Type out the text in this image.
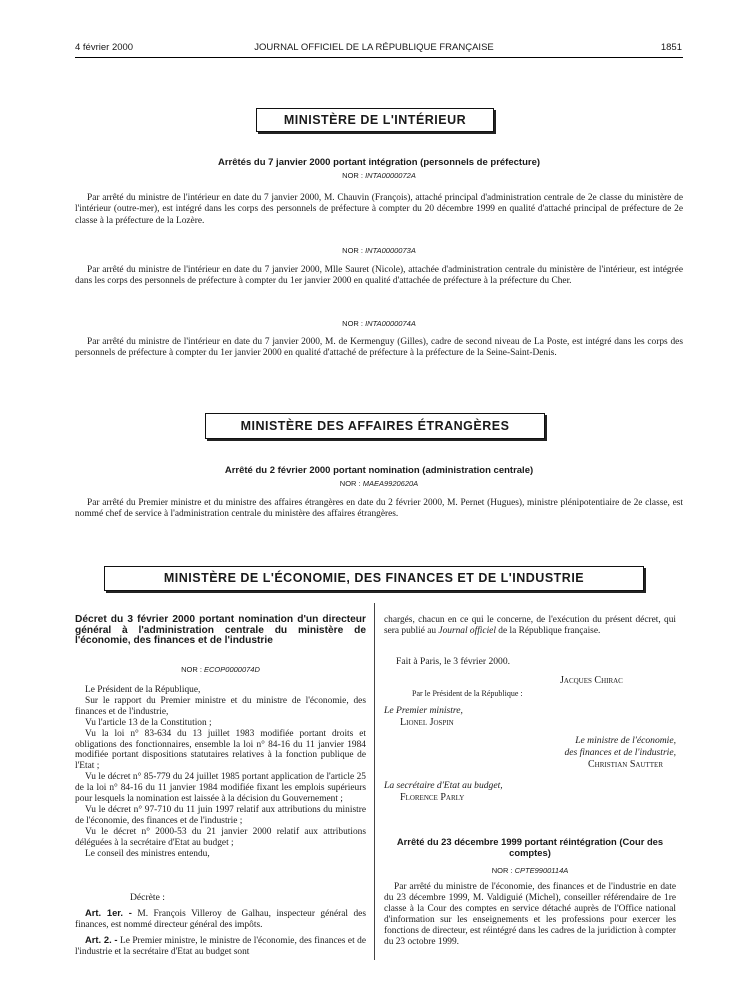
4 février 2000	JOURNAL OFFICIEL DE LA RÉPUBLIQUE FRANÇAISE	1851
MINISTÈRE DE L'INTÉRIEUR
Arrêtés du 7 janvier 2000 portant intégration (personnels de préfecture)
NOR : INTA0000072A
Par arrêté du ministre de l'intérieur en date du 7 janvier 2000, M. Chauvin (François), attaché principal d'administration centrale de 2e classe du ministère de l'intérieur (outre-mer), est intégré dans les corps des personnels de préfecture à compter du 20 décembre 1999 en qualité d'attaché principal de préfecture de 2e classe à la préfecture de la Lozère.
NOR : INTA0000073A
Par arrêté du ministre de l'intérieur en date du 7 janvier 2000, Mlle Sauret (Nicole), attachée d'administration centrale du ministère de l'intérieur, est intégrée dans les corps des personnels de préfecture à compter du 1er janvier 2000 en qualité d'attachée de préfecture à la préfecture du Cher.
NOR : INTA0000074A
Par arrêté du ministre de l'intérieur en date du 7 janvier 2000, M. de Kermenguy (Gilles), cadre de second niveau de La Poste, est intégré dans les corps des personnels de préfecture à compter du 1er janvier 2000 en qualité d'attaché de préfecture à la préfecture de la Seine-Saint-Denis.
MINISTÈRE DES AFFAIRES ÉTRANGÈRES
Arrêté du 2 février 2000 portant nomination (administration centrale)
NOR : MAEA9920620A
Par arrêté du Premier ministre et du ministre des affaires étrangères en date du 2 février 2000, M. Pernet (Hugues), ministre plénipotentiaire de 2e classe, est nommé chef de service à l'administration centrale du ministère des affaires étrangères.
MINISTÈRE DE L'ÉCONOMIE, DES FINANCES ET DE L'INDUSTRIE
Décret du 3 février 2000 portant nomination d'un directeur général à l'administration centrale du ministère de l'économie, des finances et de l'industrie
NOR : ECOP0000074D

Le Président de la République,

Sur le rapport du Premier ministre et du ministre de l'économie, des finances et de l'industrie,

Vu l'article 13 de la Constitution ;

Vu la loi n° 83-634 du 13 juillet 1983 modifiée portant droits et obligations des fonctionnaires, ensemble la loi n° 84-16 du 11 janvier 1984 modifiée portant dispositions statutaires relatives à la fonction publique de l'Etat ;

Vu le décret n° 85-779 du 24 juillet 1985 portant application de l'article 25 de la loi n° 84-16 du 11 janvier 1984 modifiée fixant les emplois supérieurs pour lesquels la nomination est laissée à la décision du Gouvernement ;

Vu le décret n° 97-710 du 11 juin 1997 relatif aux attributions du ministre de l'économie, des finances et de l'industrie ;

Vu le décret n° 2000-53 du 21 janvier 2000 relatif aux attributions déléguées à la secrétaire d'Etat au budget ;

Le conseil des ministres entendu,

Décrète :

Art. 1er. - M. François Villeroy de Galhau, inspecteur général des finances, est nommé directeur général des impôts.

Art. 2. - Le Premier ministre, le ministre de l'économie, des finances et de l'industrie et la secrétaire d'Etat au budget sont

chargés, chacun en ce qui le concerne, de l'exécution du présent décret, qui sera publié au Journal officiel de la République française.

Fait à Paris, le 3 février 2000.
Jacques Chirac
Par le Président de la République :
Le Premier ministre,
Lionel Jospin
Le ministre de l'économie,
des finances et de l'industrie,
Christian Sautter
La secrétaire d'Etat au budget,
Florence Parly
Arrêté du 23 décembre 1999 portant réintégration (Cour des comptes)
NOR : CPTE9900114A

Par arrêté du ministre de l'économie, des finances et de l'industrie en date du 23 décembre 1999, M. Valdiguié (Michel), conseiller référendaire de 1re classe à la Cour des comptes en service détaché auprès de l'Office national d'information sur les enseignements et les professions pour exercer les fonctions de directeur, est réintégré dans les cadres de la juridiction à compter du 23 octobre 1999.
